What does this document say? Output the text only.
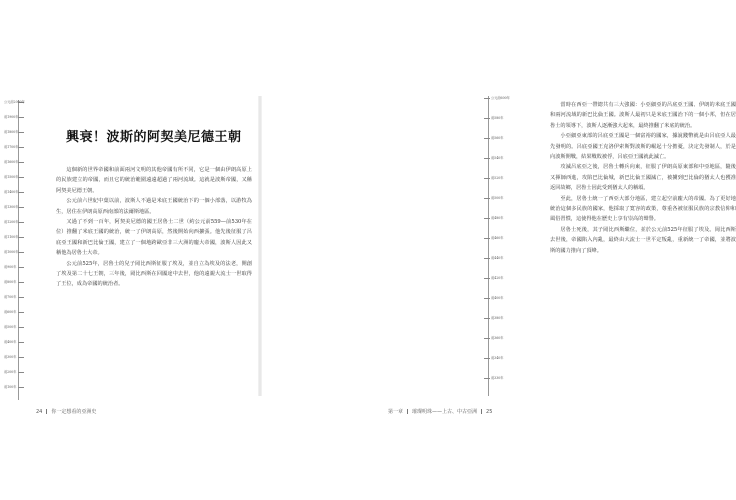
公元前2000年
前1900年
前1800年
前1700年
前1600年
前1500年
前1400年
前1300年
前1200年
前1100年
前1000年
前900年
前800年
前700年
前600年
前500年
前400年
前300年
前200年
前100年
興衰！波斯的阿契美尼德王朝

這個新的世界帝國和前面兩河文明的其他帝國有所不同，它是一個由伊朗高原上的民族建立的帝國，而且它的統治範圍遠遠超過了兩河流域。這就是波斯帝國，又稱阿契美尼德王朝。

公元前六世紀中葉以前，波斯人不過是米底王國統治下的一個小部落，以游牧為生，居住在伊朗高原西南部的法爾斯地區。

又過了不到一百年，阿契美尼德的國王居魯士二世（約公元前559—前530年在位）推翻了米底王國的統治，統一了伊朗高原，然後開始向西擴張。他先後征服了呂底亞王國和新巴比倫王國，建立了一個地跨歐亞非三大洲的龐大帝國，波斯人因此又稱他為居魯士大帝。

公元前525年，居魯士的兒子岡比西斯征服了埃及，並自立為埃及的法老，開創了埃及第二十七王朝，三年後，岡比西斯在回國途中去世，他的遠親大流士一世取得了王位，成為帝國的統治者。

24 你一定想看的亞洲史

當時在西亞一帶總共有三大強國：小亞細亞的呂底亞王國、伊朗的米底王國和兩河流域的新巴比倫王國。波斯人最初只是米底王國治下的一個小邦，但在居魯士的領導下，波斯人逐漸強大起來，最終推翻了米底的統治。

小亞細亞東部的呂底亞王國是一個富裕的國家，據說錢幣就是由呂底亞人最先發明的。呂底亞國王克洛伊索斯對波斯的崛起十分擔憂，決定先發制人，於是向波斯開戰，結果戰敗被俘，呂底亞王國就此滅亡。

攻滅呂底亞之後，居魯士轉兵向東，征服了伊朗高原東部和中亞地區，隨後又揮師西進，攻陷巴比倫城，新巴比倫王國滅亡，被擄到巴比倫的猶太人也獲准返回故鄉，居魯士因此受到猶太人的稱頌。

至此，居魯士統一了西亞大部分地區，建立起空前龐大的帝國。為了更好地統治這個多民族的國家，他採取了寬容的政策，尊重各被征服民族的宗教信仰和風俗習慣，這使得他在歷史上享有崇高的聲譽。

居魯士死後，其子岡比西斯繼位，並於公元前525年征服了埃及。岡比西斯去世後，帝國陷入內亂，最終由大流士一世平定叛亂，重新統一了帝國，並將波斯的國力推向了頂峰。

公元前600年
前580年
前560年
前540年
前520年
前500年
前480年
前460年
前440年
前420年
前400年
前380年
前360年
前340年
前330年
第一章 璀璨明珠——上古、中古亞洲 25
